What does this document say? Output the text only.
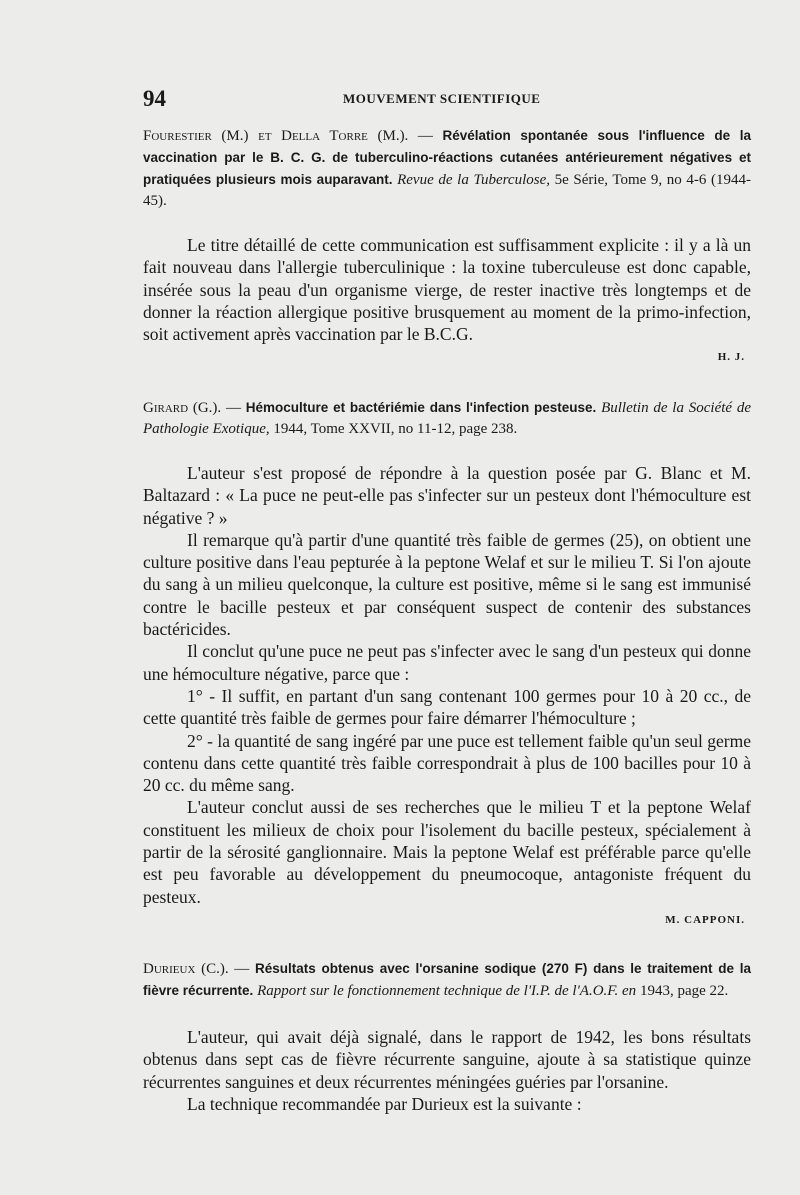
94	MOUVEMENT SCIENTIFIQUE

Fourestier (M.) et Della Torre (M.). — Révélation spontanée sous l'influence de la vaccination par le B. C. G. de tuberculino-réactions cutanées antérieurement négatives et pratiquées plusieurs mois auparavant. Revue de la Tuberculose, 5e Série, Tome 9, no 4-6 (1944-45).

Le titre détaillé de cette communication est suffisamment explicite : il y a là un fait nouveau dans l'allergie tuberculinique : la toxine tuberculeuse est donc capable, insérée sous la peau d'un organisme vierge, de rester inactive très longtemps et de donner la réaction allergique positive brusquement au moment de la primo-infection, soit activement après vaccination par le B.C.G.

H. J.

Girard (G.). — Hémoculture et bactériémie dans l'infection pesteuse. Bulletin de la Société de Pathologie Exotique, 1944, Tome XXVII, no 11-12, page 238.

L'auteur s'est proposé de répondre à la question posée par G. Blanc et M. Baltazard : « La puce ne peut-elle pas s'infecter sur un pesteux dont l'hémoculture est négative ? »

Il remarque qu'à partir d'une quantité très faible de germes (25), on obtient une culture positive dans l'eau pepturée à la peptone Welaf et sur le milieu T. Si l'on ajoute du sang à un milieu quelconque, la culture est positive, même si le sang est immunisé contre le bacille pesteux et par conséquent suspect de contenir des substances bactéricides.

Il conclut qu'une puce ne peut pas s'infecter avec le sang d'un pesteux qui donne une hémoculture négative, parce que :

1° - Il suffit, en partant d'un sang contenant 100 germes pour 10 à 20 cc., de cette quantité très faible de germes pour faire démarrer l'hémoculture ;

2° - la quantité de sang ingéré par une puce est tellement faible qu'un seul germe contenu dans cette quantité très faible correspondrait à plus de 100 bacilles pour 10 à 20 cc. du même sang.

L'auteur conclut aussi de ses recherches que le milieu T et la peptone Welaf constituent les milieux de choix pour l'isolement du bacille pesteux, spécialement à partir de la sérosité ganglionnaire. Mais la peptone Welaf est préférable parce qu'elle est peu favorable au développement du pneumocoque, antagoniste fréquent du pesteux.

M. CAPPONI.

Durieux (C.). — Résultats obtenus avec l'orsanine sodique (270 F) dans le traitement de la fièvre récurrente. Rapport sur le fonctionnement technique de l'I.P. de l'A.O.F. en 1943, page 22.

L'auteur, qui avait déjà signalé, dans le rapport de 1942, les bons résultats obtenus dans sept cas de fièvre récurrente sanguine, ajoute à sa statistique quinze récurrentes sanguines et deux récurrentes méningées guéries par l'orsanine.

La technique recommandée par Durieux est la suivante :
